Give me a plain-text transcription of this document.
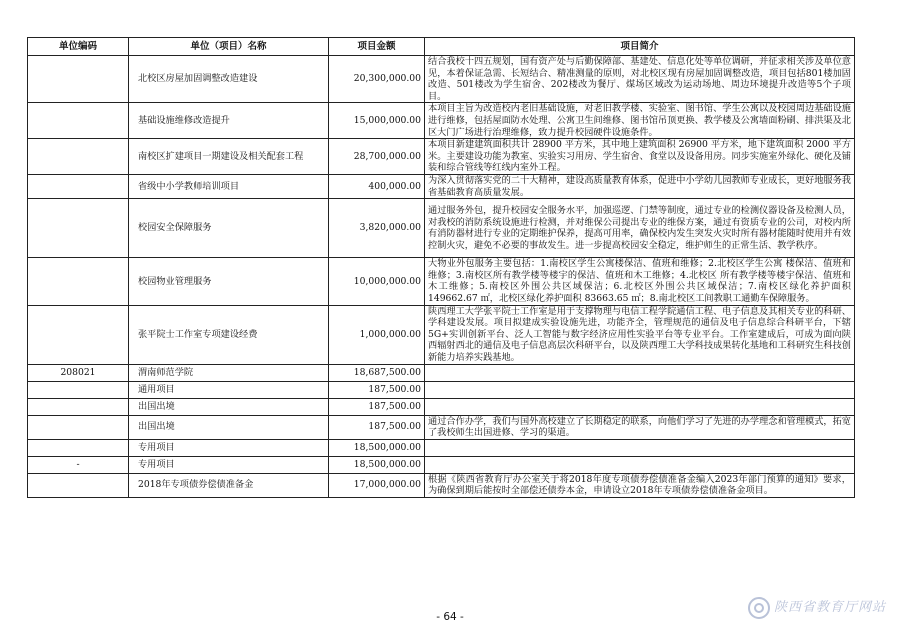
单位编码	单位（项目）名称	项目金额	项目简介
	北校区房屋加固调整改造建设	20,300,000.00	结合我校十四五规划，国有资产处与后勤保障部、基建处、信息化处等单位调研，并征求相关涉及单位意见，本着保证急需、长短结合、精准测量的原则，对北校区现有房屋加固调整改造，项目包括801楼加固改造、501楼改为学生宿舍、202楼改为餐厅、煤场区域改为运动场地、周边环境提升改造等5个子项目。
	基础设施维修改造提升	15,000,000.00	本项目主旨为改造校内老旧基础设施，对老旧教学楼、实验室、图书馆、学生公寓以及校园周边基础设施进行维修，包括屋面防水处理、公寓卫生间维修、图书馆吊顶更换、教学楼及公寓墙面粉刷、排洪渠及北区大门广场进行治理维修，致力提升校园硬件设施条件。
	南校区扩建项目一期建设及相关配套工程	28,700,000.00	本项目新建建筑面积共计 28900 平方米，其中地上建筑面积 26900 平方米，地下建筑面积 2000 平方米。主要建设功能为教室、实验实习用房、学生宿舍、食堂以及设备用房。同步实施室外绿化、硬化及铺装和综合管线等红线内室外工程。
	省级中小学教师培训项目	400,000.00	为深入贯彻落实党的二十大精神，建设高质量教育体系，促进中小学幼儿园教师专业成长，更好地服务我省基础教育高质量发展。
	校园安全保障服务	3,820,000.00	通过服务外包，提升校园安全服务水平，加强巡逻、门禁等制度，通过专业的检测仪器设备及检测人员，对我校的消防系统设施进行检测，并对维保公司提出专业的维保方案，通过有资质专业的公司，对校内所有消防器材进行专业的定期维护保养，提高可用率，确保校内发生突发火灾时所有器材能随时使用并有效控制火灾，避免不必要的事故发生。进一步提高校园安全稳定，维护师生的正常生活、教学秩序。
	校园物业管理服务	10,000,000.00	大物业外包服务主要包括：1.南校区学生公寓楼保洁、值班和维修；2.北校区学生公寓 楼保洁、值班和维修；3.南校区所有教学楼等楼宇的保洁、值班和木工维修；4.北校区 所有教学楼等楼宇保洁、值班和木工维修；5.南校区外围公共区域保洁；6.北校区外围公共区域保洁；7.南校区绿化养护面积 149662.67 ㎡，北校区绿化养护面积 83663.65 ㎡；8.南北校区工间教职工通勤车保障服务。
	张平院士工作室专项建设经费	1,000,000.00	陕西理工大学张平院士工作室是用于支撑物理与电信工程学院通信工程、电子信息及其相关专业的科研、学科建设发展。项目拟建成实验设施先进，功能齐全，管理规范的通信及电子信息综合科研平台，下辖5G+实训创新平台、泛人工智能与数字经济应用性实验平台等专业平台。工作室建成后，可成为面向陕西辐射西北的通信及电子信息高层次科研平台，以及陕西理工大学科技成果转化基地和工科研究生科技创新能力培养实践基地。
208021	渭南师范学院	18,687,500.00	
	通用项目	187,500.00	
	出国出境	187,500.00	
	出国出境	187,500.00	通过合作办学，我们与国外高校建立了长期稳定的联系，向他们学习了先进的办学理念和管理模式，拓宽了我校师生出国进修、学习的渠道。
	专用项目	18,500,000.00	
-	专用项目	18,500,000.00	
	2018年专项债券偿债准备金	17,000,000.00	根据《陕西省教育厅办公室关于将2018年度专项债券偿债准备金编入2023年部门预算的通知》要求，为确保到期后能按时全部偿还债券本金，申请设立2018年专项债券偿债准备金项目。
- 64 -
陕西省教育厅网站
